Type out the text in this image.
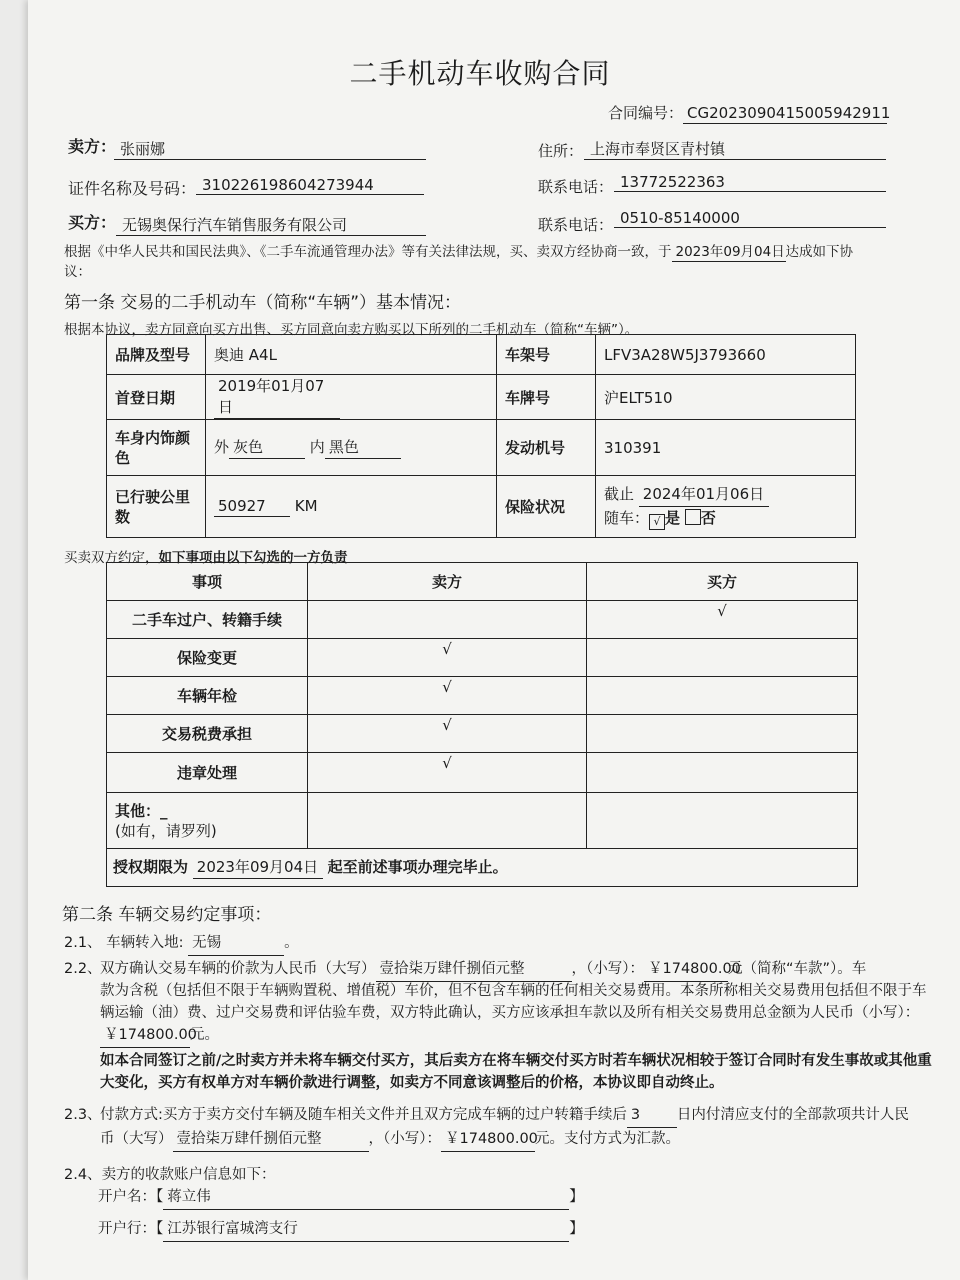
二手机动车收购合同
合同编号： CG2023090415005942911
卖方： 张丽娜	住所： 上海市奉贤区青村镇
证件名称及号码： 310226198604273944	联系电话： 13772522363
买方： 无锡奥保行汽车销售服务有限公司	联系电话： 0510-85140000
根据《中华人民共和国民法典》、《二手车流通管理办法》等有关法律法规，买、卖双方经协商一致，于 2023年09月04日达成如下协
议：
第一条 交易的二手机动车（简称“车辆”）基本情况：
根据本协议，卖方同意向买方出售、买方同意向卖方购买以下所列的二手机动车（简称“车辆”）。
品牌及型号	奥迪 A4L	车架号	LFV3A28W5J3793660
首登日期	2019年01月07日	车牌号	沪ELT510
车身内饰颜
色	外 灰色 内 黑色	发动机号	310391
已行驶公里
数	50927 KM	保险状况	截止 2024年01月06日
随车： √ 是 否
买卖双方约定，如下事项由以下勾选的一方负责
事项	卖方	买方
二手车过户、转籍手续		√
保险变更	√	
车辆年检	√	
交易税费承担	√	
违章处理	√	
其他：_
(如有，请罗列)		
授权期限为 2023年09月04日 起至前述事项办理完毕止。		
第二条 车辆交易约定事项：
2.1、 车辆转入地: 无锡	。
2.2、
双方确认交易车辆的价款为人民币（大写） 壹拾柒万肆仟捌佰元整	，（小写）： ￥174800.00元（简称“车款”）。车
款为含税（包括但不限于车辆购置税、增值税）车价，但不包含车辆的任何相关交易费用。本条所称相关交易费用包括但不限于车
辆运输（油）费、过户交易费和评估验车费，双方特此确认，买方应该承担车款以及所有相关交易费用总金额为人民币（小写）：
￥174800.00元。
如本合同签订之前/之时卖方并未将车辆交付买方，其后卖方在将车辆交付买方时若车辆状况相较于签订合同时有发生事故或其他重
大变化，买方有权单方对车辆价款进行调整，如卖方不同意该调整后的价格，本协议即自动终止。
2.3、
付款方式:买方于卖方交付车辆及随车相关文件并且双方完成车辆的过户转籍手续后 3	日内付清应支付的全部款项共计人民
币（大写） 壹拾柒万肆仟捌佰元整	，（小写）： ￥174800.00元。支付方式为汇款。
2.4、卖方的收款账户信息如下：
开户名：【 蒋立伟	】
开户行：【 江苏银行富城湾支行	】
